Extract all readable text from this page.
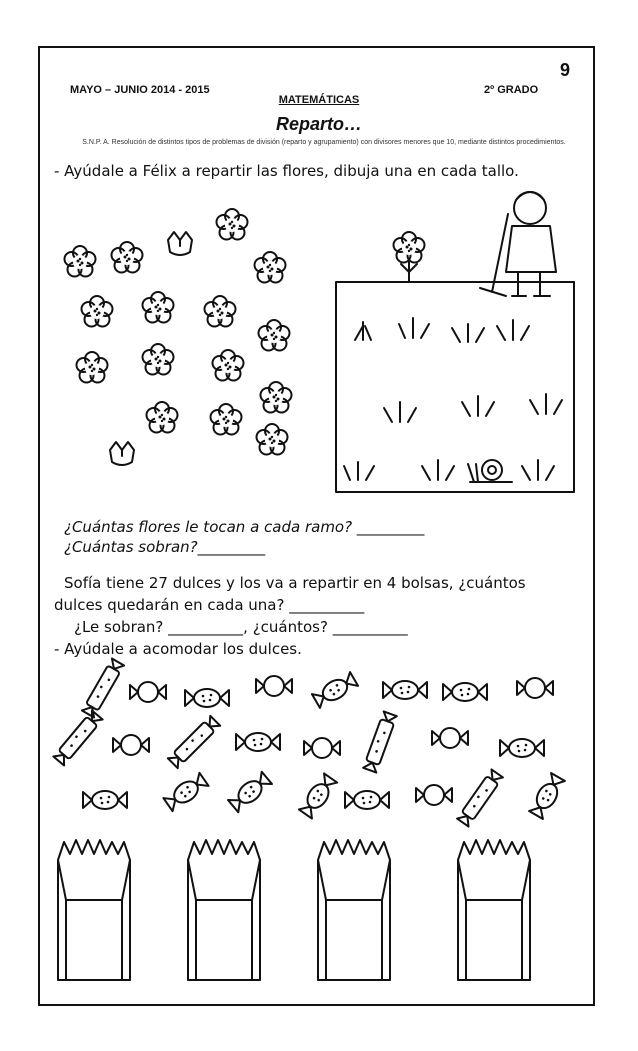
MAYO – JUNIO 2014 - 2015	2º GRADO
9
MATEMÁTICAS
Reparto…
S.N.P. A. Resolución de distintos tipos de problemas de división (reparto y agrupamiento) con divisores menores que 10, mediante distintos procedimientos.
- Ayúdale a Félix a repartir las flores, dibuja una en cada tallo.
¿Cuántas flores le tocan a cada ramo? _________
¿Cuántas sobran?_________
Sofía tiene 27 dulces y los va a repartir en 4 bolsas, ¿cuántos
dulces quedarán en cada una? __________
¿Le sobran? __________, ¿cuántos? __________
- Ayúdale a acomodar los dulces.
